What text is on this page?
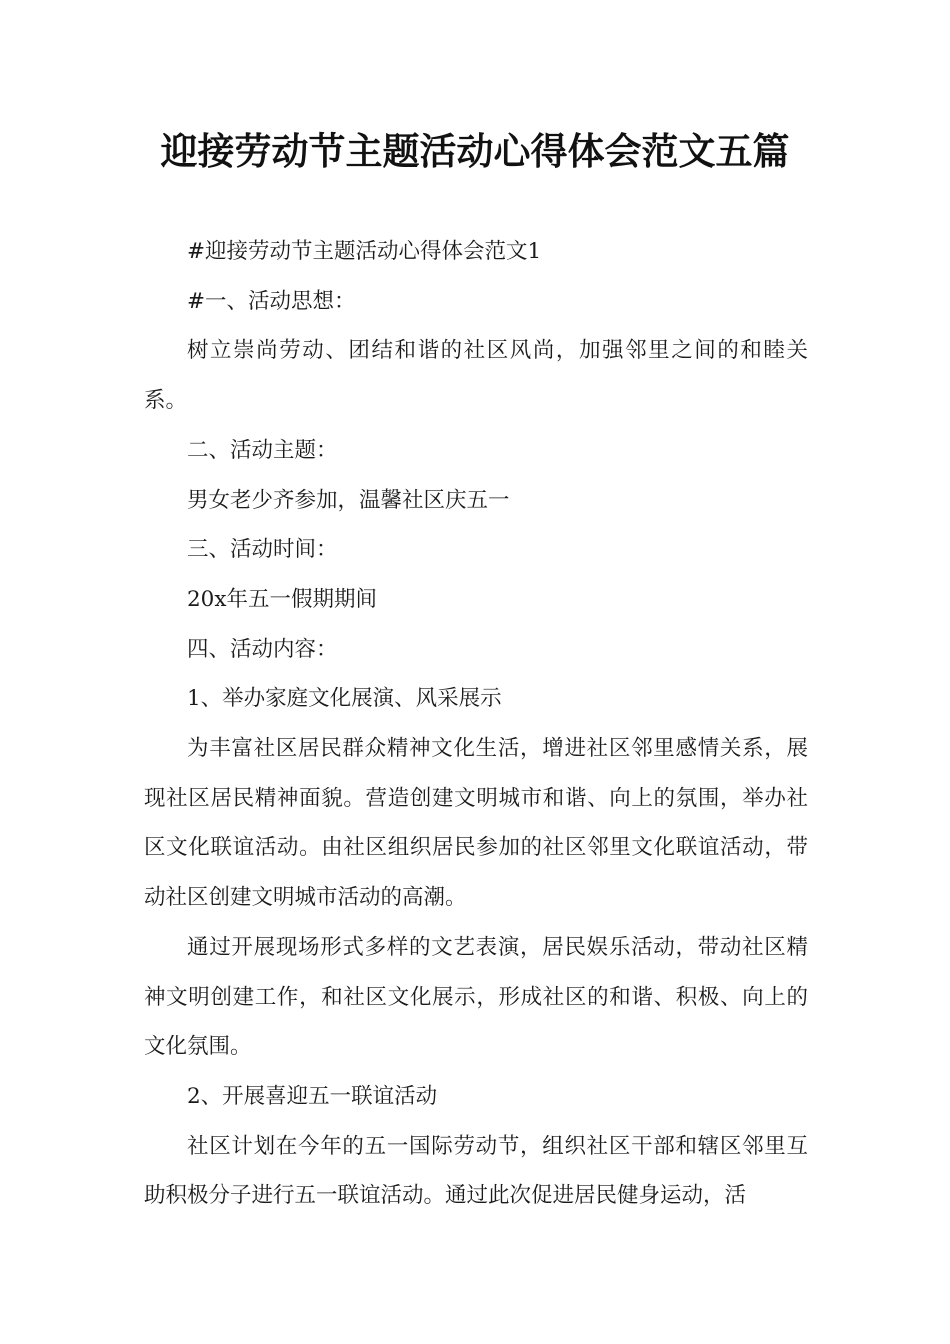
迎接劳动节主题活动心得体会范文五篇

#迎接劳动节主题活动心得体会范文1

#一、活动思想：

树立崇尚劳动、团结和谐的社区风尚，加强邻里之间的和睦关系。

二、活动主题：

男女老少齐参加，温馨社区庆五一

三、活动时间：

20x年五一假期期间

四、活动内容：

1、举办家庭文化展演、风采展示

为丰富社区居民群众精神文化生活，增进社区邻里感情关系，展现社区居民精神面貌。营造创建文明城市和谐、向上的氛围，举办社区文化联谊活动。由社区组织居民参加的社区邻里文化联谊活动，带动社区创建文明城市活动的高潮。

通过开展现场形式多样的文艺表演，居民娱乐活动，带动社区精神文明创建工作，和社区文化展示，形成社区的和谐、积极、向上的文化氛围。

2、开展喜迎五一联谊活动

社区计划在今年的五一国际劳动节，组织社区干部和辖区邻里互助积极分子进行五一联谊活动。通过此次促进居民健身运动，活
